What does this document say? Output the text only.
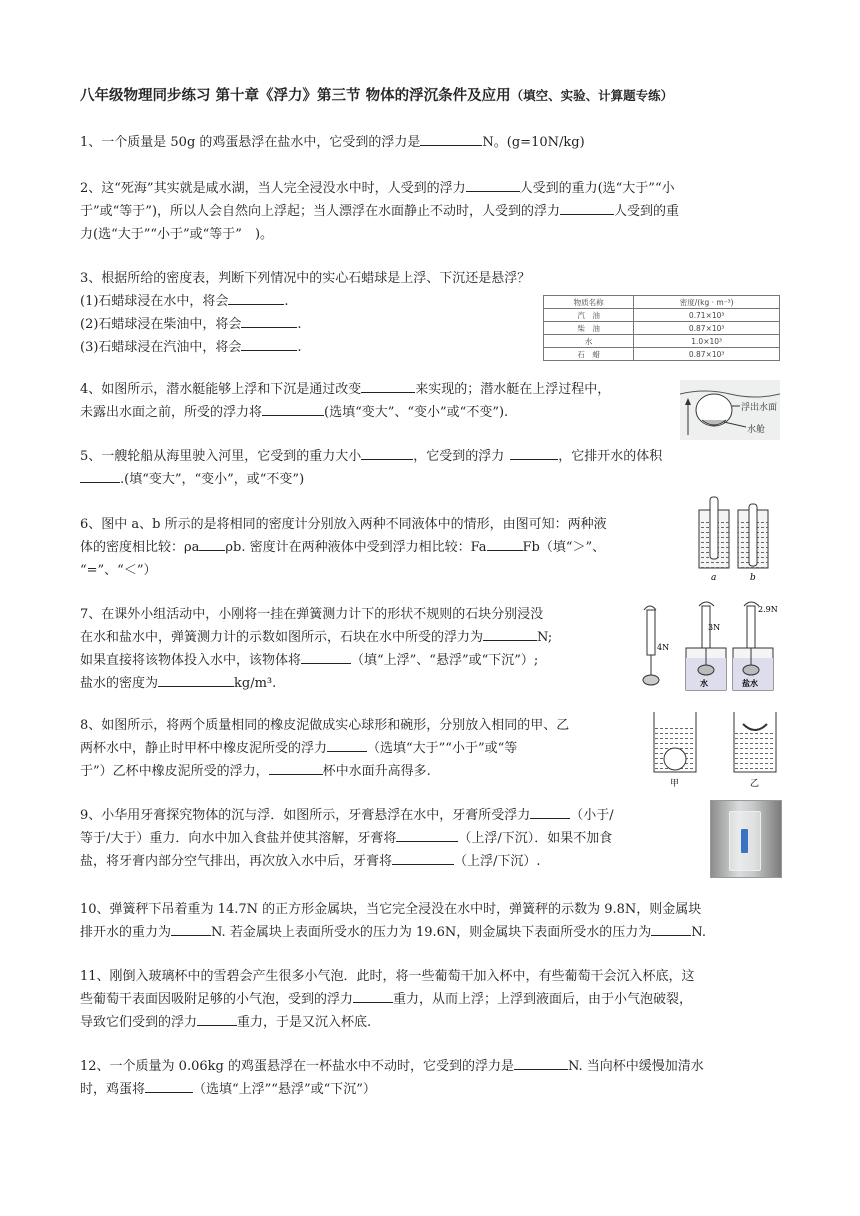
八年级物理同步练习 第十章《浮力》第三节 物体的浮沉条件及应用（填空、实验、计算题专练）

1、一个质量是 50g 的鸡蛋悬浮在盐水中，它受到的浮力是	N。(g=10N/kg)

2、这“死海”其实就是咸水湖，当人完全浸没水中时，人受到的浮力	人受到的重力(选“大于”“小

于”或“等于”)，所以人会自然向上浮起；当人漂浮在水面静止不动时，人受到的浮力	人受到的重

力(选“大于”“小于”或“等于”　)。

3、根据所给的密度表，判断下列情况中的实心石蜡球是上浮、下沉还是悬浮？

(1)石蜡球浸在水中，将会	.

(2)石蜡球浸在柴油中，将会	.

(3)石蜡球浸在汽油中，将会	.

物质名称	密度/(kg · m⁻³)
汽　油	0.71×10³
柴　油	0.87×10³
水	1.0×10³
石　蜡	0.87×10³

4、如图所示，潜水艇能够上浮和下沉是通过改变	来实现的；潜水艇在上浮过程中，

未露出水面之前，所受的浮力将	(选填“变大”、“变小”或“不变”).	浮出水面
水舱

5、一艘轮船从海里驶入河里，它受到的重力大小	，它受到的浮力	，它排开水的体积

.(填“变大”，“变小”，或“不变”)

6、图中 a、b 所示的是将相同的密度计分别放入两种不同液体中的情形，由图可知：两种液

体的密度相比较：ρa ρb. 密度计在两种液体中受到浮力相比较：Fa	Fb（填“＞”、

“=”、“＜”）	a	b

7、在课外小组活动中，小刚将一挂在弹簧测力计下的形状不规则的石块分别浸没

在水和盐水中，弹簧测力计的示数如图所示，石块在水中所受的浮力为	N;

如果直接将该物体投入水中，该物体将	（填“上浮”、“悬浮”或“下沉”）;

盐水的密度为	kg/m³.

4N
3N
水
2.9N
盐水

8、如图所示，将两个质量相同的橡皮泥做成实心球形和碗形，分别放入相同的甲、乙

两杯水中，静止时甲杯中橡皮泥所受的浮力	（选填“大于”“小于”或“等

于”）乙杯中橡皮泥所受的浮力，	杯中水面升高得多.

甲	乙

9、小华用牙膏探究物体的沉与浮．如图所示，牙膏悬浮在水中，牙膏所受浮力	（小于/

等于/大于）重力．向水中加入食盐并使其溶解，牙膏将	（上浮/下沉）．如果不加食

盐，将牙膏内部分空气排出，再次放入水中后，牙膏将	（上浮/下沉）.

10、弹簧秤下吊着重为 14.7N 的正方形金属块，当它完全浸没在水中时，弹簧秤的示数为 9.8N，则金属块

排开水的重力为	N. 若金属块上表面所受水的压力为 19.6N，则金属块下表面所受水的压力为	N.

11、刚倒入玻璃杯中的雪碧会产生很多小气泡．此时，将一些葡萄干加入杯中，有些葡萄干会沉入杯底，这

些葡萄干表面因吸附足够的小气泡，受到的浮力	重力，从而上浮；上浮到液面后，由于小气泡破裂，

导致它们受到的浮力	重力，于是又沉入杯底.

12、一个质量为 0.06kg 的鸡蛋悬浮在一杯盐水中不动时，它受到的浮力是	N. 当向杯中缓慢加清水

时，鸡蛋将	（选填“上浮”“悬浮”或“下沉”）
